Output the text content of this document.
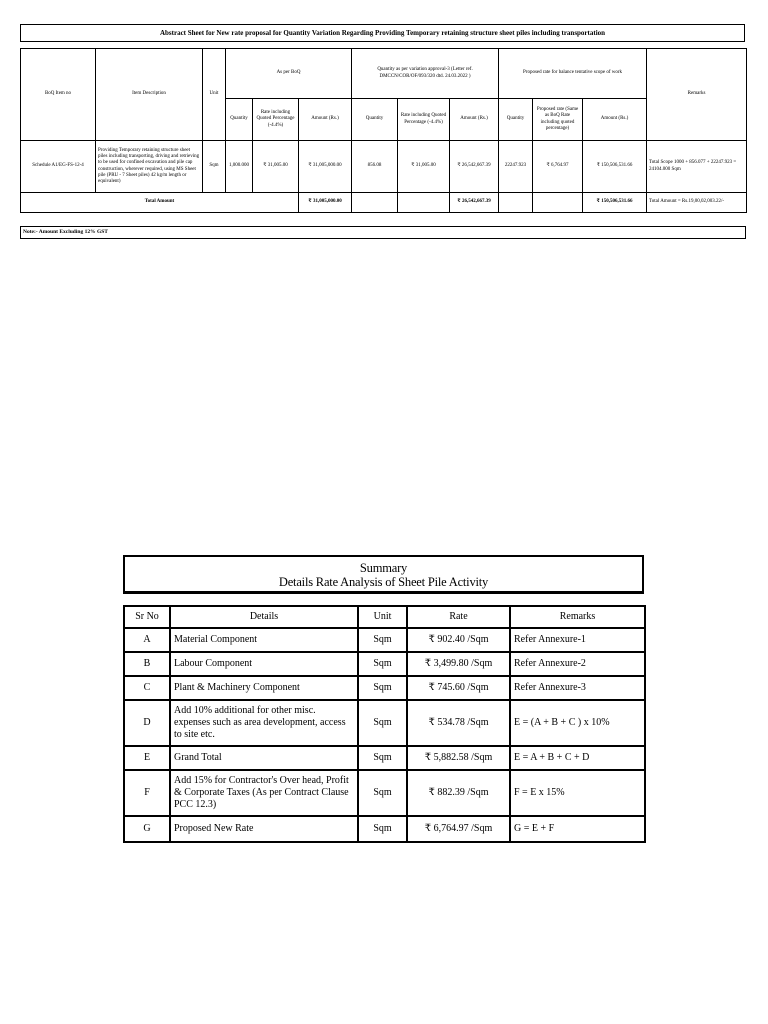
Abstract Sheet for New rate proposal for Quantity Variation Regarding Providing Temporary retaining structure sheet piles including transportation
BoQ Item no	Item Description	Unit	As per BoQ			Quantity as per variation approval-3 (Letter ref. DMCCN/COR/OF/093/320 dtd. 24.03.2022 )			Proposed rate for balance tentative scope of work			Remarks
			Quantity	Rate including Quoted Percentage (-4.4%)	Amount (Rs.)	Quantity	Rate including Quoted Percentage (-4.4%)	Amount (Rs.)	Quantity	Proposed rate (Same as BoQ Rate including quoted percentage)	Amount (Rs.)	
Schedule A1/EG-FS-12-4	Providing Temporary retaining structure sheet piles including transporting, driving and retrieving to be used for confined excavation and pile cap construction, wherever required, using MS Sheet pile (PRU - 7 Sheet piles) 42 kg/m length or equivalent)	Sqm	1,000.000	₹ 31,005.00	₹ 31,005,000.00	856.08	₹ 31,005.00	₹ 26,542,667.39	22247.923	₹ 6,764.97	₹ 150,506,531.66	Total Scope 1000 + 856.077 + 22247.923 = 24104.000 Sqm
Total Amount					₹ 31,005,000.00			₹ 26,542,667.39			₹ 150,506,531.66	Total Amount = Rs.19,00,02,003.22/-
Note:- Amount Excluding 12% GST
Summary
Details Rate Analysis of Sheet Pile Activity
Sr No	Details	Unit	Rate	Remarks
A	Material Component	Sqm	₹ 902.40 /Sqm	Refer Annexure-1
B	Labour Component	Sqm	₹ 3,499.80 /Sqm	Refer Annexure-2
C	Plant & Machinery Component	Sqm	₹ 745.60 /Sqm	Refer Annexure-3
D	Add 10% additional for other misc. expenses such as area development, access to site etc.	Sqm	₹ 534.78 /Sqm	E = (A + B + C ) x 10%
E	Grand Total	Sqm	₹ 5,882.58 /Sqm	E = A + B + C + D
F	Add 15% for Contractor's Over head, Profit & Corporate Taxes (As per Contract Clause PCC 12.3)	Sqm	₹ 882.39 /Sqm	F = E x 15%
G	Proposed New Rate	Sqm	₹ 6,764.97 /Sqm	G = E + F
